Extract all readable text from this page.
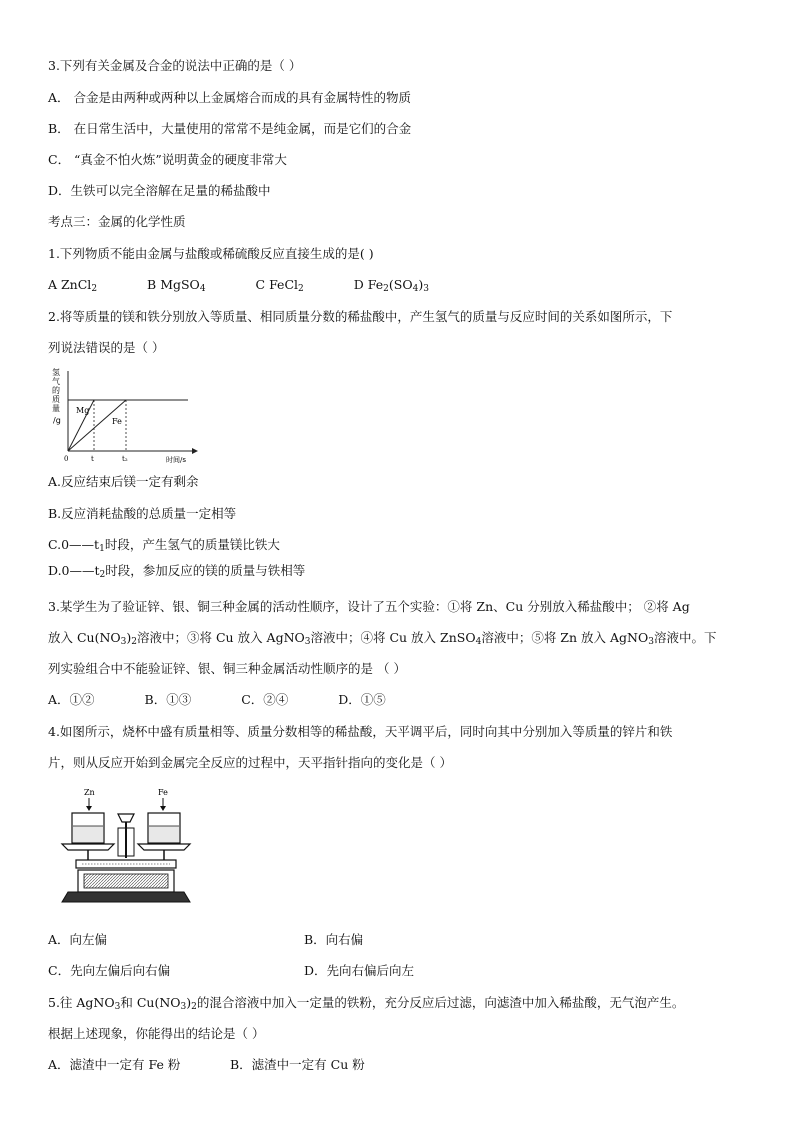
3.下列有关金属及合金的说法中正确的是（ ）
A． 合金是由两种或两种以上金属熔合而成的具有金属特性的物质
B． 在日常生活中，大量使用的常常不是纯金属，而是它们的合金
C． “真金不怕火炼”说明黄金的硬度非常大
D．生铁可以完全溶解在足量的稀盐酸中
考点三：金属的化学性质
1.下列物质不能由金属与盐酸或稀硫酸反应直接生成的是( )
A ZnCl$_2$	B MgSO$_4$	C FeCl$_2$	D $Fe_2(SO_4)_3$
2.将等质量的镁和铁分别放入等质量、相同质量分数的稀盐酸中，产生氢气的质量与反应时间的关系如图所示，下
列说法错误的是（ ）
氢
气
的
质
量
/g
Mg
Fe
0	t	t₂	时间/s
A.反应结束后镁一定有剩余
B.反应消耗盐酸的总质量一定相等
$C.0——t_1$时段，产生氢气的质量镁比铁大
$D.0——t_2$时段，参加反应的镁的质量与铁相等
3.某学生为了验证锌、银、铜三种金属的活动性顺序，设计了五个实验：①将 Zn、Cu 分别放入稀盐酸中； ②将 Ag
放入 $Cu(NO_3)_2$溶液中；③将 Cu 放入 AgNO$_3$溶液中；④将 Cu 放入 ZnSO$_4$溶液中；⑤将 Zn 放入 AgNO$_3$溶液中。下
列实验组合中不能验证锌、银、铜三种金属活动性顺序的是 （ ）
A．①②	B．①③	C．②④	D．①⑤
4.如图所示，烧杯中盛有质量相等、质量分数相等的稀盐酸，天平调平后，同时向其中分别加入等质量的锌片和铁
片，则从反应开始到金属完全反应的过程中，天平指针指向的变化是（ ）
Zn	Fe
A．向左偏	B．向右偏
C．先向左偏后向右偏	D．先向右偏后向左
5.往 AgNO$_3$和 $Cu(NO_3)_2$的混合溶液中加入一定量的铁粉，充分反应后过滤，向滤渣中加入稀盐酸，无气泡产生。
根据上述现象，你能得出的结论是（ ）
A．滤渣中一定有 Fe 粉	B．滤渣中一定有 Cu 粉
